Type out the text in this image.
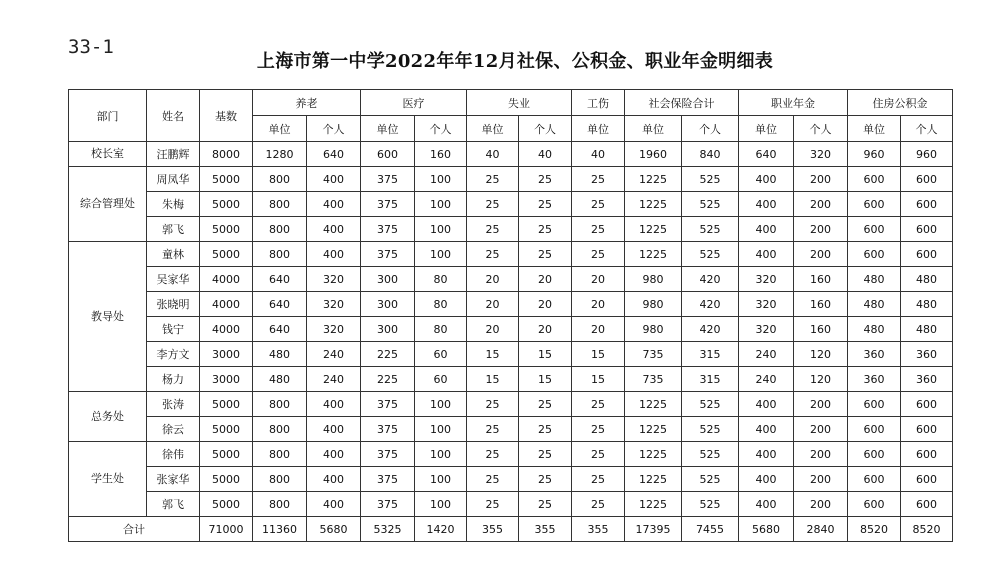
33-1
上海市第一中学2022年年12月社保、公积金、职业年金明细表
部门	姓名	基数	养老		医疗		失业		工伤	社会保险合计		职业年金		住房公积金	
			单位	个人	单位	个人	单位	个人	单位	单位	个人	单位	个人	单位	个人
校长室	汪鹏辉	8000	1280	640	600	160	40	40	40	1960	840	640	320	960	960
综合管理处	周凤华	5000	800	400	375	100	25	25	25	1225	525	400	200	600	600
	朱梅	5000	800	400	375	100	25	25	25	1225	525	400	200	600	600
	郭飞	5000	800	400	375	100	25	25	25	1225	525	400	200	600	600
教导处	童林	5000	800	400	375	100	25	25	25	1225	525	400	200	600	600
	吴家华	4000	640	320	300	80	20	20	20	980	420	320	160	480	480
	张晓明	4000	640	320	300	80	20	20	20	980	420	320	160	480	480
	钱宁	4000	640	320	300	80	20	20	20	980	420	320	160	480	480
	李方文	3000	480	240	225	60	15	15	15	735	315	240	120	360	360
	杨力	3000	480	240	225	60	15	15	15	735	315	240	120	360	360
总务处	张涛	5000	800	400	375	100	25	25	25	1225	525	400	200	600	600
	徐云	5000	800	400	375	100	25	25	25	1225	525	400	200	600	600
学生处	徐伟	5000	800	400	375	100	25	25	25	1225	525	400	200	600	600
	张家华	5000	800	400	375	100	25	25	25	1225	525	400	200	600	600
	郭飞	5000	800	400	375	100	25	25	25	1225	525	400	200	600	600
合计		71000	11360	5680	5325	1420	355	355	355	17395	7455	5680	2840	8520	8520
